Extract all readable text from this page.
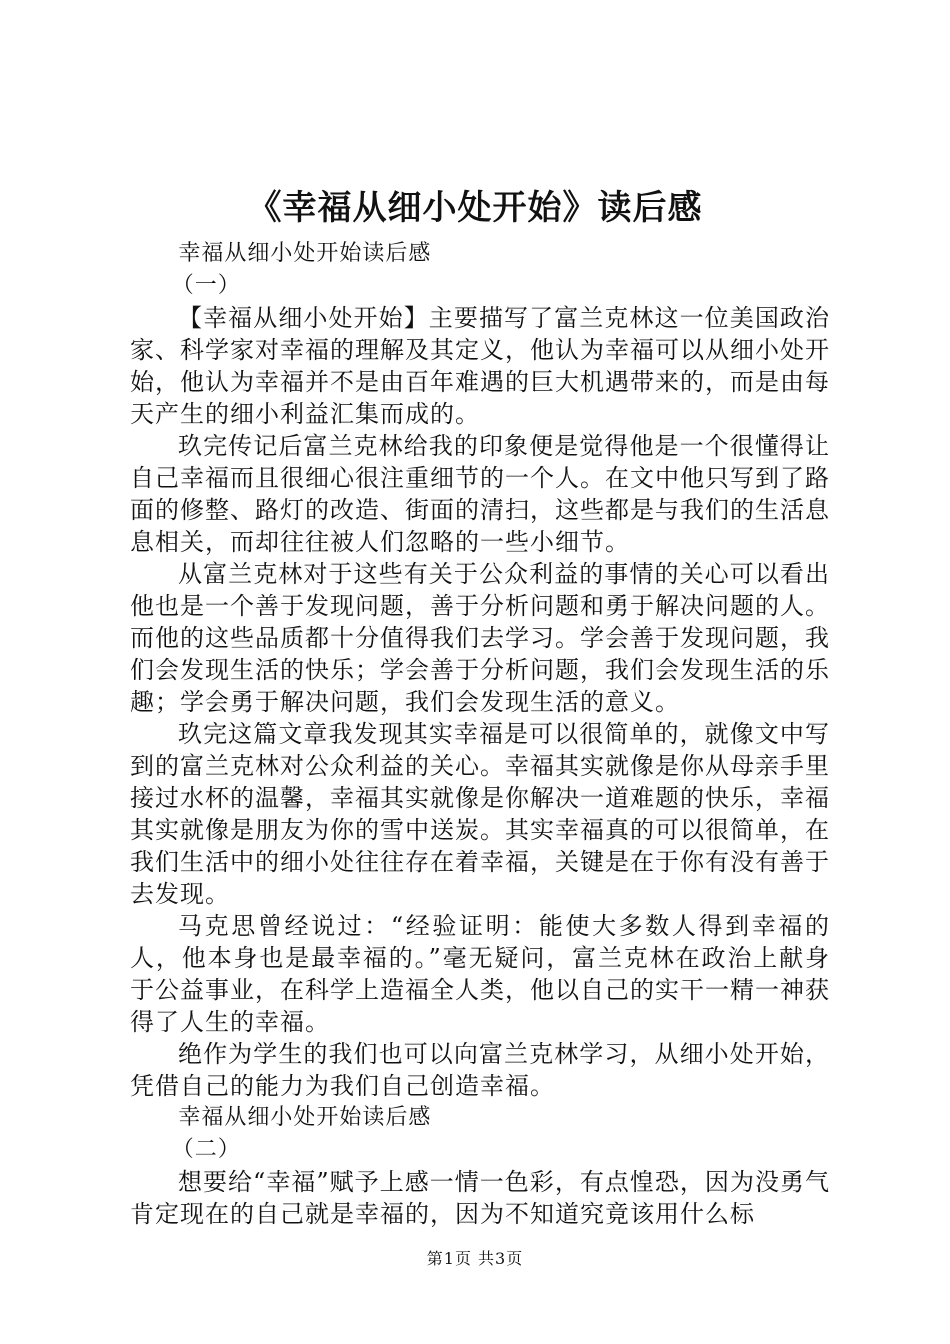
《幸福从细小处开始》读后感

幸福从细小处开始读后感

（一）

【幸福从细小处开始】主要描写了富兰克林这一位美国政治家、科学家对幸福的理解及其定义，他认为幸福可以从细小处开始，他认为幸福并不是由百年难遇的巨大机遇带来的，而是由每天产生的细小利益汇集而成的。

玖完传记后富兰克林给我的印象便是觉得他是一个很懂得让自己幸福而且很细心很注重细节的一个人。在文中他只写到了路面的修整、路灯的改造、街面的清扫，这些都是与我们的生活息息相关，而却往往被人们忽略的一些小细节。

从富兰克林对于这些有关于公众利益的事情的关心可以看出他也是一个善于发现问题，善于分析问题和勇于解决问题的人。而他的这些品质都十分值得我们去学习。学会善于发现问题，我们会发现生活的快乐；学会善于分析问题，我们会发现生活的乐趣；学会勇于解决问题，我们会发现生活的意义。

玖完这篇文章我发现其实幸福是可以很简单的，就像文中写到的富兰克林对公众利益的关心。幸福其实就像是你从母亲手里接过水杯的温馨，幸福其实就像是你解决一道难题的快乐，幸福其实就像是朋友为你的雪中送炭。其实幸福真的可以很简单，在我们生活中的细小处往往存在着幸福，关键是在于你有没有善于去发现。

马克思曾经说过：“经验证明：能使大多数人得到幸福的人，他本身也是最幸福的。”毫无疑问，富兰克林在政治上献身于公益事业，在科学上造福全人类，他以自己的实干一精一神获得了人生的幸福。

绝作为学生的我们也可以向富兰克林学习，从细小处开始，凭借自己的能力为我们自己创造幸福。

幸福从细小处开始读后感

（二）

想要给“幸福”赋予上感一情一色彩，有点惶恐，因为没勇气肯定现在的自己就是幸福的，因为不知道究竟该用什么标

第1页 共3页
